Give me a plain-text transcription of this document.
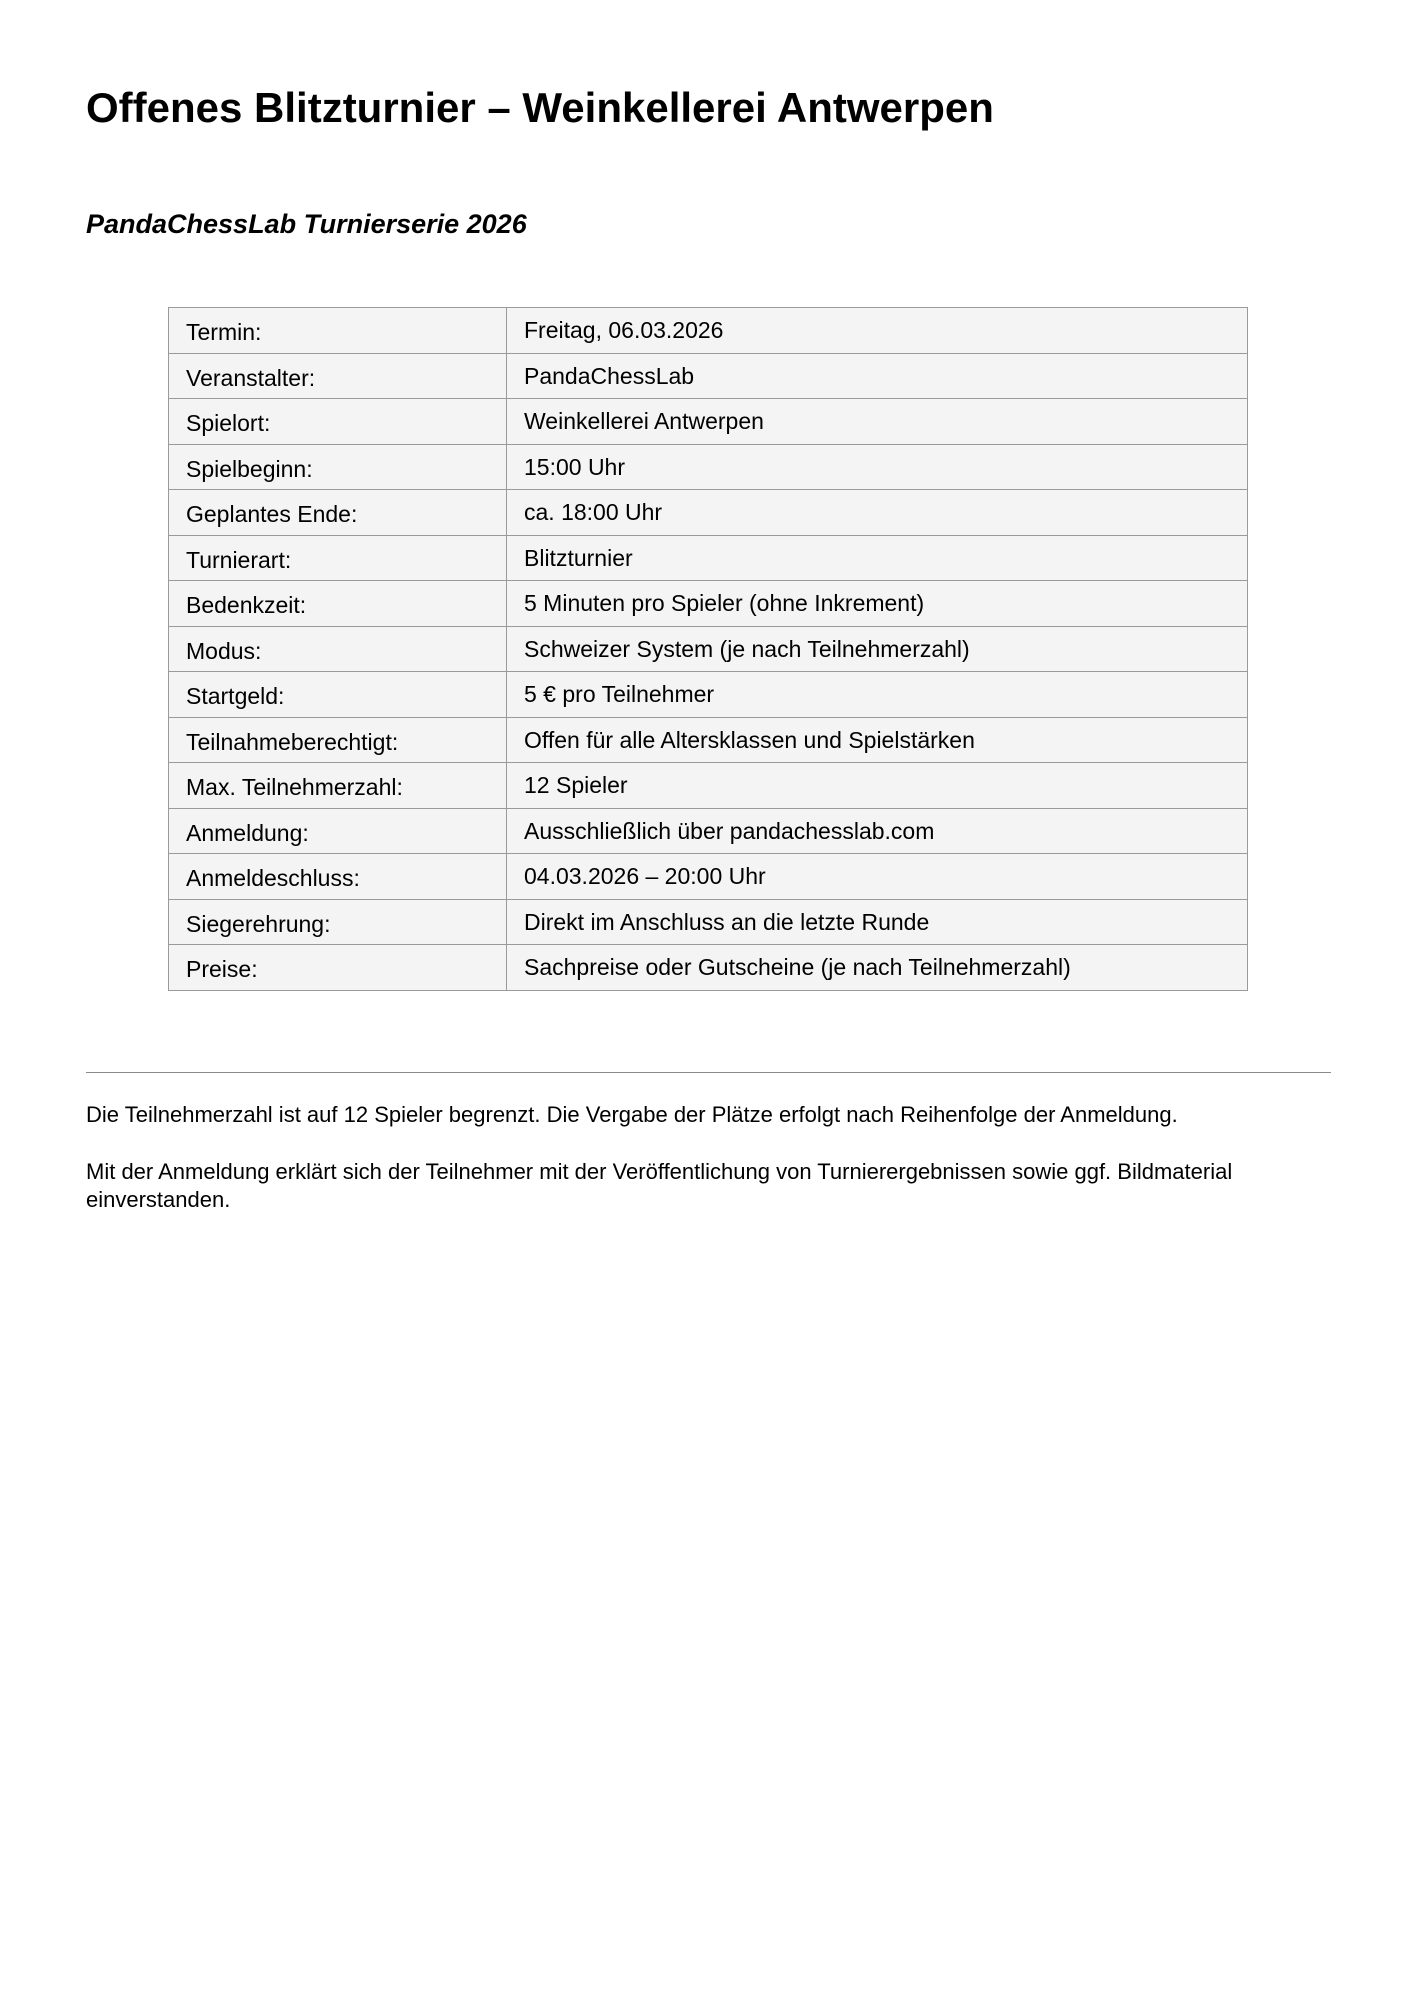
Offenes Blitzturnier – Weinkellerei Antwerpen
PandaChessLab Turnierserie 2026
Termin:	Freitag, 06.03.2026
Veranstalter:	PandaChessLab
Spielort:	Weinkellerei Antwerpen
Spielbeginn:	15:00 Uhr
Geplantes Ende:	ca. 18:00 Uhr
Turnierart:	Blitzturnier
Bedenkzeit:	5 Minuten pro Spieler (ohne Inkrement)
Modus:	Schweizer System (je nach Teilnehmerzahl)
Startgeld:	5 € pro Teilnehmer
Teilnahmeberechtigt:	Offen für alle Altersklassen und Spielstärken
Max. Teilnehmerzahl:	12 Spieler
Anmeldung:	Ausschließlich über pandachesslab.com
Anmeldeschluss:	04.03.2026 – 20:00 Uhr
Siegerehrung:	Direkt im Anschluss an die letzte Runde
Preise:	Sachpreise oder Gutscheine (je nach Teilnehmerzahl)

Die Teilnehmerzahl ist auf 12 Spieler begrenzt. Die Vergabe der Plätze erfolgt nach Reihenfolge der Anmeldung.

Mit der Anmeldung erklärt sich der Teilnehmer mit der Veröffentlichung von Turnierergebnissen sowie ggf. Bildmaterial einverstanden.
